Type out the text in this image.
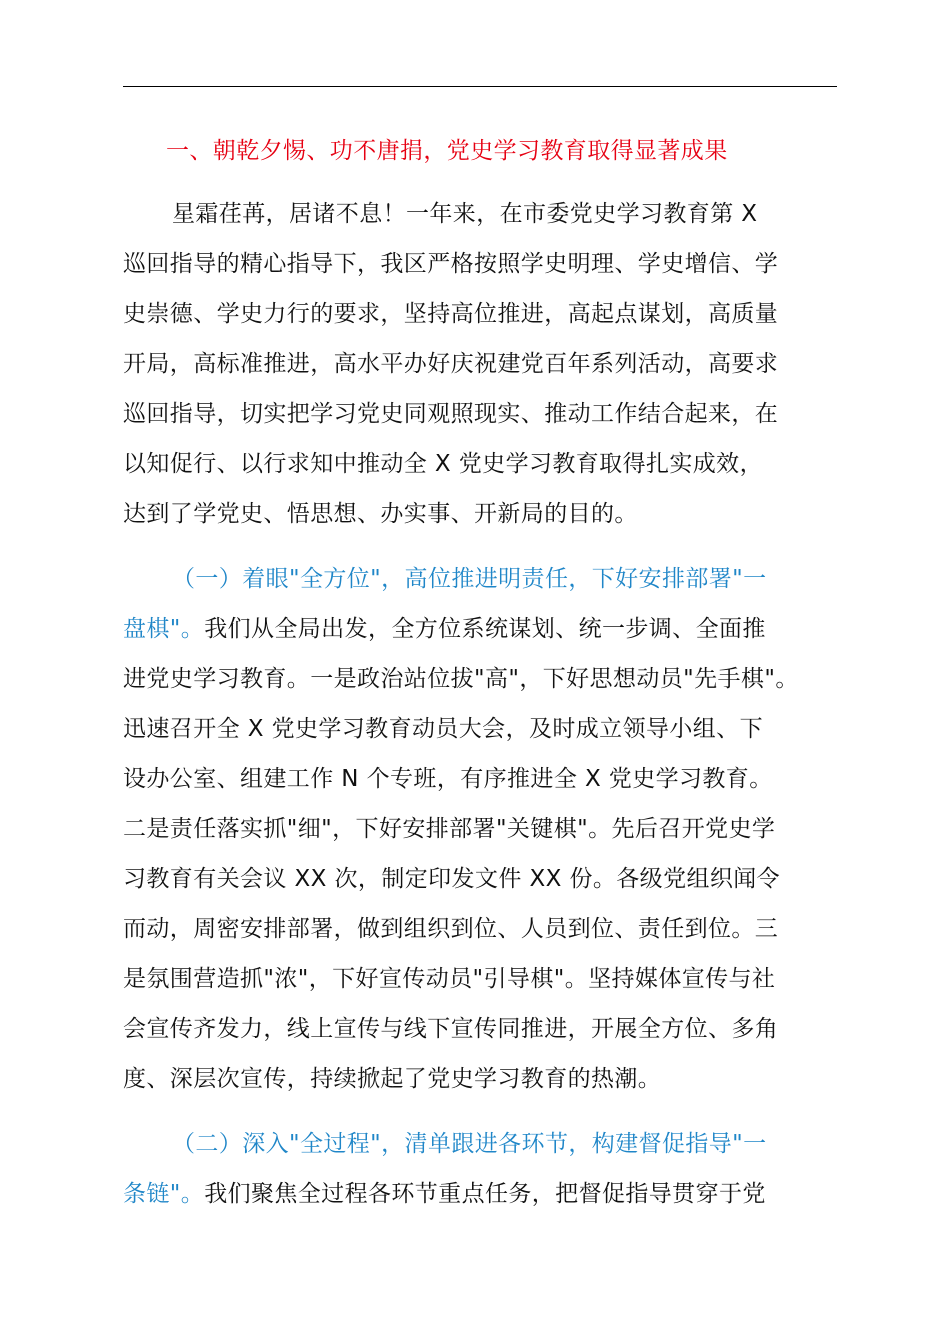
一、朝乾夕惕、功不唐捐，党史学习教育取得显著成果
星霜荏苒，居诸不息！一年来，在市委党史学习教育第 X
巡回指导的精心指导下，我区严格按照学史明理、学史增信、学
史崇德、学史力行的要求，坚持高位推进，高起点谋划，高质量
开局，高标准推进，高水平办好庆祝建党百年系列活动，高要求
巡回指导，切实把学习党史同观照现实、推动工作结合起来，在
以知促行、以行求知中推动全 X 党史学习教育取得扎实成效，
达到了学党史、悟思想、办实事、开新局的目的。
（一）着眼"全方位"，高位推进明责任，下好安排部署"一
盘棋"。我们从全局出发，全方位系统谋划、统一步调、全面推
进党史学习教育。一是政治站位拔"高"，下好思想动员"先手棋"。
迅速召开全 X 党史学习教育动员大会，及时成立领导小组、下
设办公室、组建工作 N 个专班，有序推进全 X 党史学习教育。
二是责任落实抓"细"，下好安排部署"关键棋"。先后召开党史学
习教育有关会议 XX 次，制定印发文件 XX 份。各级党组织闻令
而动，周密安排部署，做到组织到位、人员到位、责任到位。三
是氛围营造抓"浓"，下好宣传动员"引导棋"。坚持媒体宣传与社
会宣传齐发力，线上宣传与线下宣传同推进，开展全方位、多角
度、深层次宣传，持续掀起了党史学习教育的热潮。
（二）深入"全过程"，清单跟进各环节，构建督促指导"一
条链"。我们聚焦全过程各环节重点任务，把督促指导贯穿于党
